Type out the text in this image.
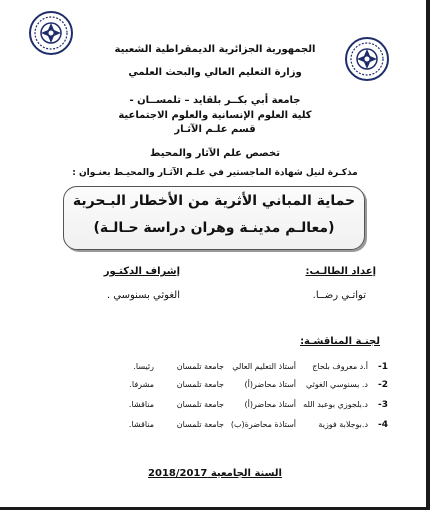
الجمهورية الجزائرية الديمقراطية الشعبية
وزارة التعليم العالي والبحث العلمي
جامعة أبي بكــر بلقايد – تلمســان -
كلية العلوم الإنسانية والعلوم الاجتماعية
قسم علـم الآثـار
تخصص علم الآثار والمحيط
مذكـرة لنيل شهادة الماجستير في علـم الآثـار والمحيـط بعنـوان :
حماية المباني الأثرية من الأخطار البـحرية
(معالـم مدينـة وهران دراسة حـالـة)
إعداد الطالـب:
إشراف الدكتـور
تواتـي رضــا.
الغوثي بسنوسي .
لجنـة المناقشـة:
1-
أ.د معروف بلحاج
أستاذ التعليم العالي
جامعة تلمسان
رئيسا.
2-
د. بسنوسي الغوثي
أستاذ محاضر(أ)
جامعة تلمسان
مشرفا.
3-
د.بلجوزي بوعبد الله
أستاذ محاضر(أ)
جامعة تلمسان
مناقشا.
4-
د.بوجلابة فوزية
أستاذة محاضرة(ب)
جامعة تلمسان
مناقشا.
السنة الجامعية 2018/2017
